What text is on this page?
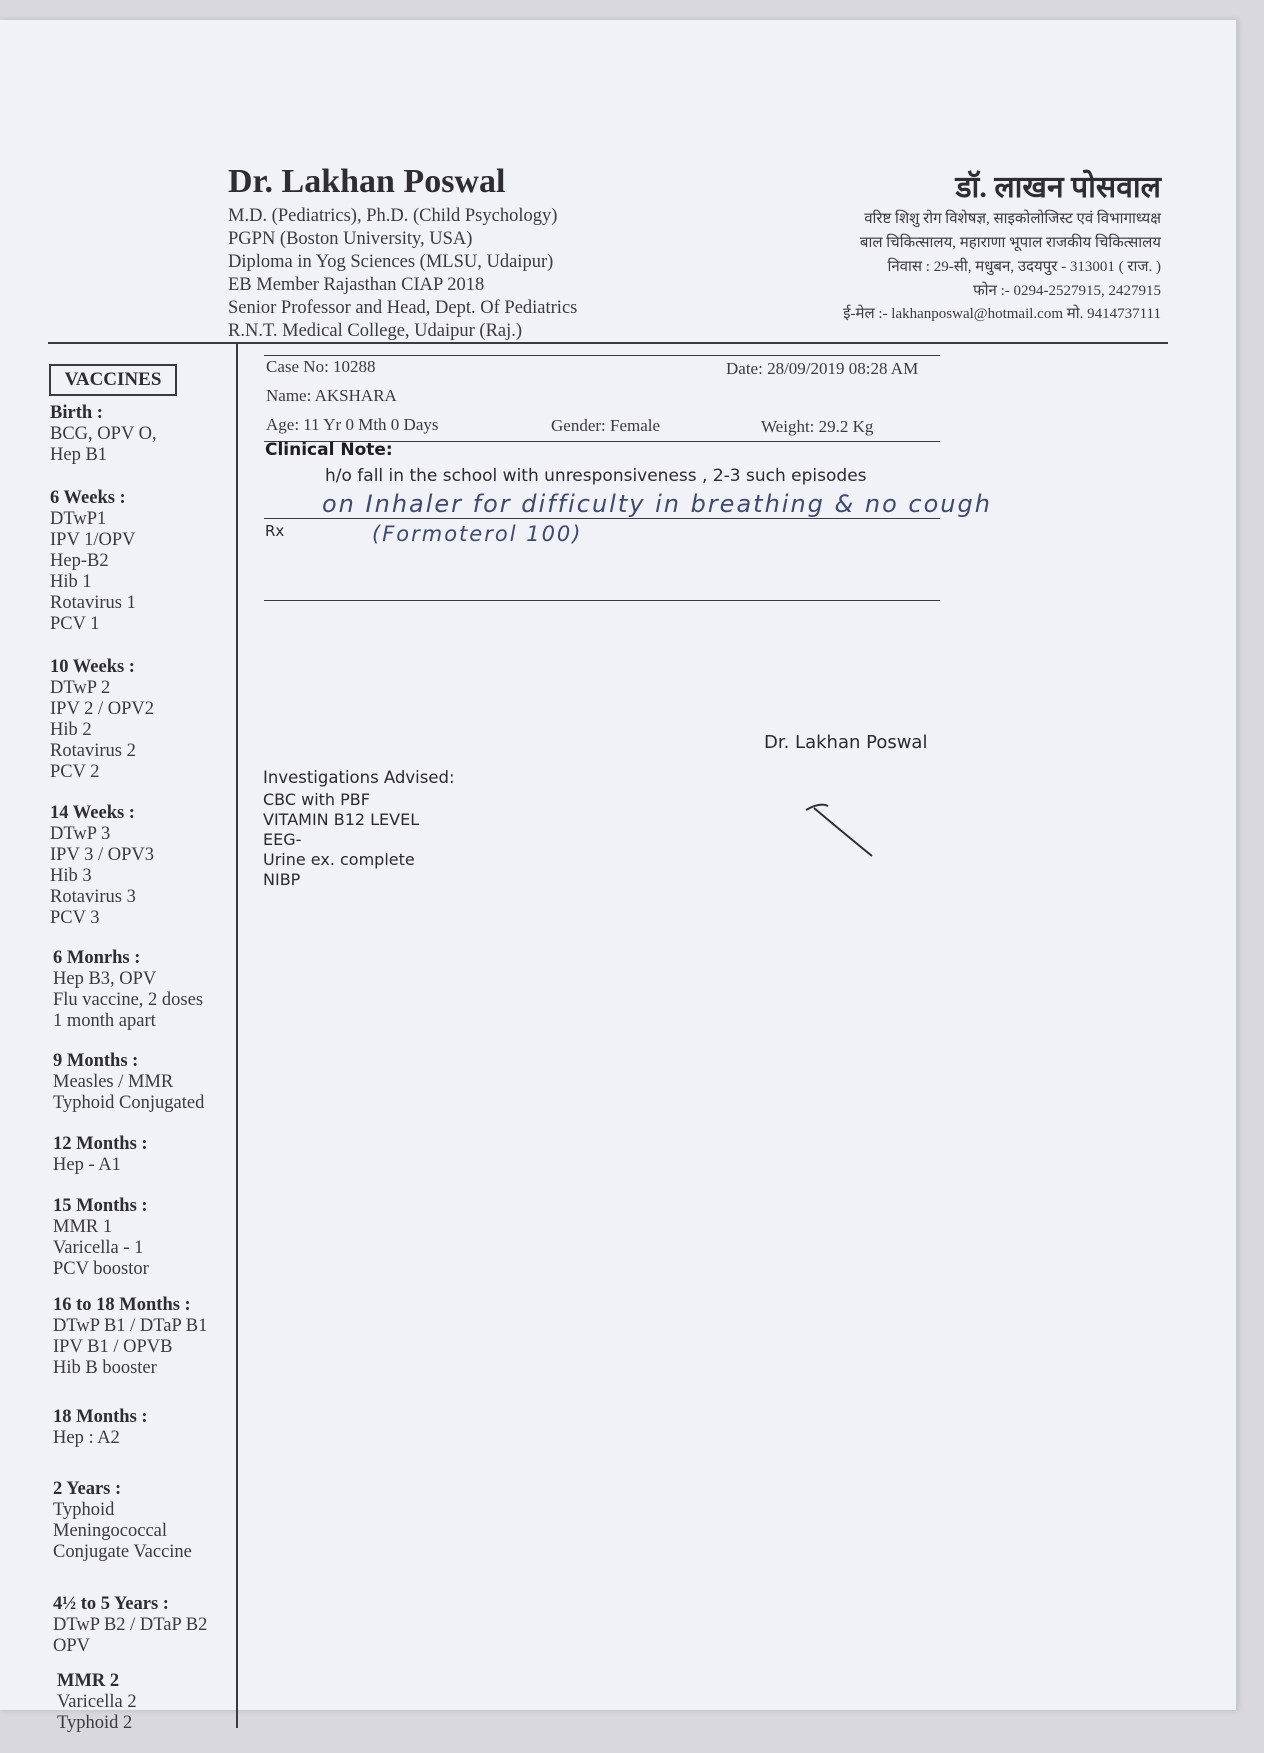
Dr. Lakhan Poswal
M.D. (Pediatrics), Ph.D. (Child Psychology)
PGPN (Boston University, USA)
Diploma in Yog Sciences (MLSU, Udaipur)
EB Member Rajasthan CIAP 2018
Senior Professor and Head, Dept. Of Pediatrics
R.N.T. Medical College, Udaipur (Raj.)
डॉ. लाखन पोसवाल
वरिष्ट शिशु रोग विशेषज्ञ, साइकोलोजिस्ट एवं विभागाध्यक्ष
बाल चिकित्सालय, महाराणा भूपाल राजकीय चिकित्सालय
निवास : 29-सी, मधुबन, उदयपुर - 313001 ( राज. )
फोन :- 0294-2527915, 2427915
ई-मेल :- lakhanposwal@hotmail.com मो. 9414737111
VACCINES
Birth :
BCG, OPV O,
Hep B1
6 Weeks :
DTwP1
IPV 1/OPV
Hep-B2
Hib 1
Rotavirus 1
PCV 1
10 Weeks :
DTwP 2
IPV 2 / OPV2
Hib 2
Rotavirus 2
PCV 2
14 Weeks :
DTwP 3
IPV 3 / OPV3
Hib 3
Rotavirus 3
PCV 3
6 Monrhs :
Hep B3, OPV
Flu vaccine, 2 doses
1 month apart
9 Months :
Measles / MMR
Typhoid Conjugated
12 Months :
Hep - A1
15 Months :
MMR 1
Varicella - 1
PCV boostor
16 to 18 Months :
DTwP B1 / DTaP B1
IPV B1 / OPVB
Hib B booster
18 Months :
Hep : A2
2 Years :
Typhoid
Meningococcal
Conjugate Vaccine
4½ to 5 Years :
DTwP B2 / DTaP B2
OPV
MMR 2
Varicella 2
Typhoid 2
Case No: 10288	Date: 28/09/2019 08:28 AM
Name: AKSHARA
Age: 11 Yr 0 Mth 0 Days	Gender: Female	Weight: 29.2 Kg
Clinical Note:
h/o fall in the school with unresponsiveness , 2-3 such episodes
on Inhaler for difficulty in breathing & no cough
Rx	(Formoterol 100)
Dr. Lakhan Poswal
Investigations Advised:
CBC with PBF
VITAMIN B12 LEVEL
EEG-
Urine ex. complete
NIBP
